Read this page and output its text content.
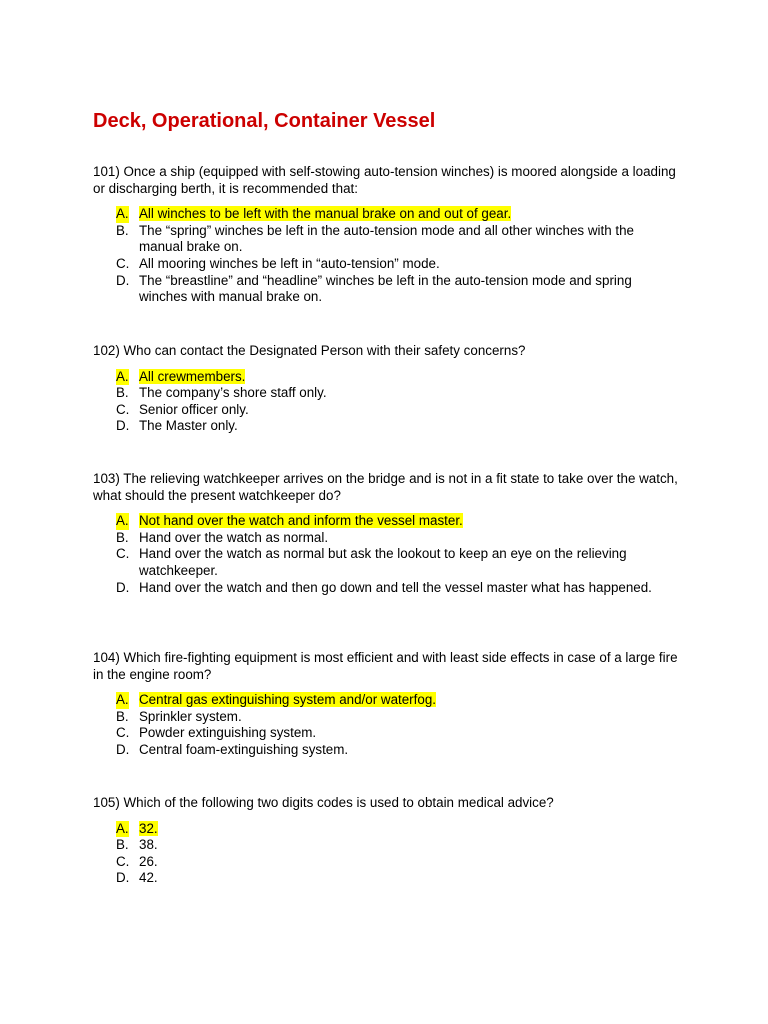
Deck, Operational, Container Vessel

101) Once a ship (equipped with self-stowing auto-tension winches) is moored alongside a loading or discharging berth, it is recommended that:

A. All winches to be left with the manual brake on and out of gear.
B. The “spring” winches be left in the auto-tension mode and all other winches with the manual brake on.
C. All mooring winches be left in “auto-tension” mode.
D. The “breastline” and “headline” winches be left in the auto-tension mode and spring winches with manual brake on.

102) Who can contact the Designated Person with their safety concerns?

A. All crewmembers.
B. The company’s shore staff only.
C. Senior officer only.
D. The Master only.

103) The relieving watchkeeper arrives on the bridge and is not in a fit state to take over the watch, what should the present watchkeeper do?

A. Not hand over the watch and inform the vessel master.
B. Hand over the watch as normal.
C. Hand over the watch as normal but ask the lookout to keep an eye on the relieving watchkeeper.
D. Hand over the watch and then go down and tell the vessel master what has happened.

104) Which fire-fighting equipment is most efficient and with least side effects in case of a large fire in the engine room?

A. Central gas extinguishing system and/or waterfog.
B. Sprinkler system.
C. Powder extinguishing system.
D. Central foam-extinguishing system.

105) Which of the following two digits codes is used to obtain medical advice?

A. 32.
B. 38.
C. 26.
D. 42.
